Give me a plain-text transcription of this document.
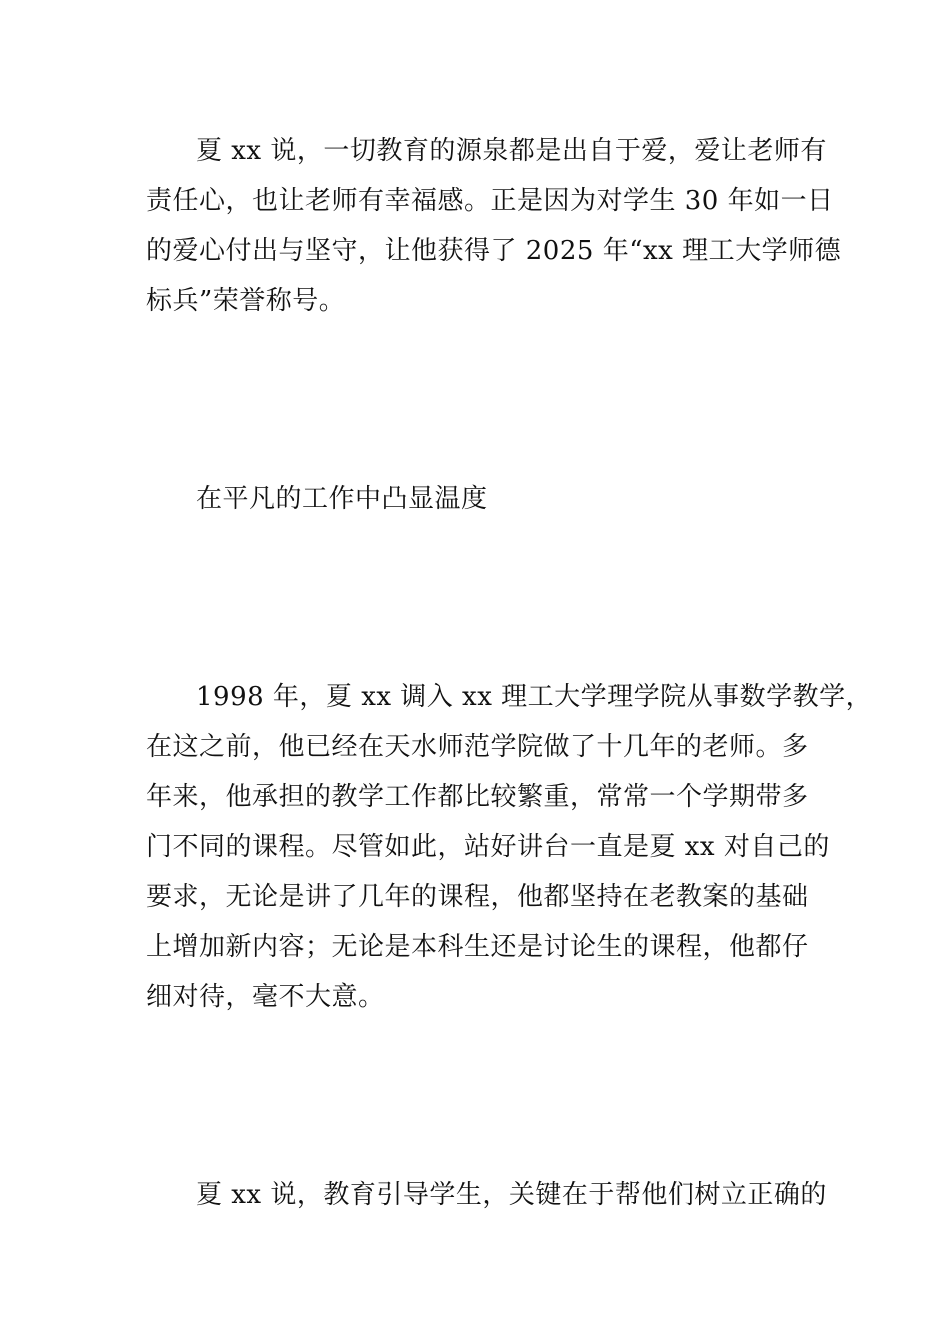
夏 xx 说，一切教育的源泉都是出自于爱，爱让老师有
责任心，也让老师有幸福感。正是因为对学生 30 年如一日
的爱心付出与坚守，让他获得了 2025 年“xx 理工大学师德
标兵”荣誉称号。
在平凡的工作中凸显温度
1998 年，夏 xx 调入 xx 理工大学理学院从事数学教学，
在这之前，他已经在天水师范学院做了十几年的老师。多
年来，他承担的教学工作都比较繁重，常常一个学期带多
门不同的课程。尽管如此，站好讲台一直是夏 xx 对自己的
要求，无论是讲了几年的课程，他都坚持在老教案的基础
上增加新内容；无论是本科生还是讨论生的课程，他都仔
细对待，毫不大意。
夏 xx 说，教育引导学生，关键在于帮他们树立正确的
